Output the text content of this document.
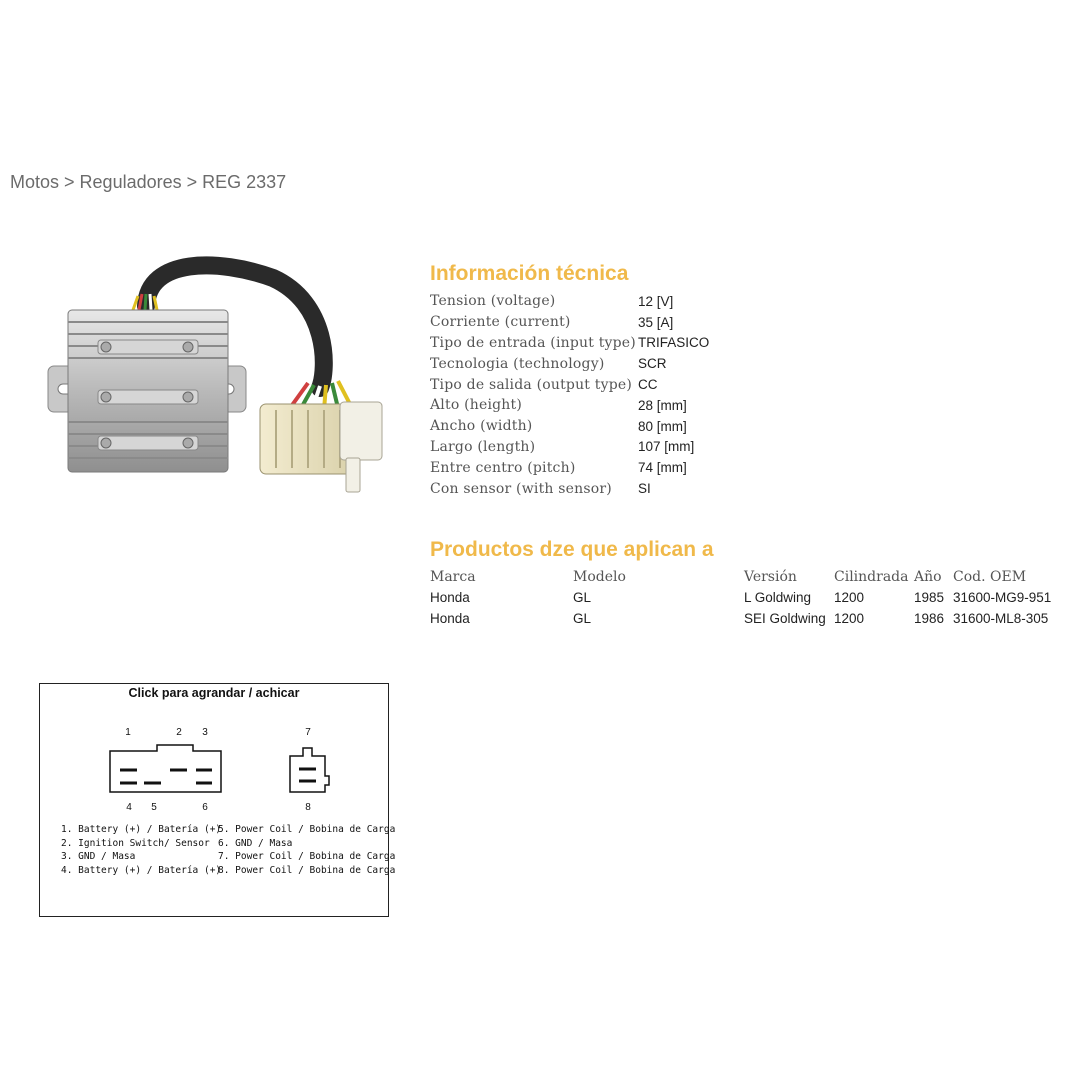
Motos > Reguladores > REG 2337
Información técnica
Tension (voltage)	12 [V]
Corriente (current)	35 [A]
Tipo de entrada (input type)	TRIFASICO
Tecnologia (technology)	SCR
Tipo de salida (output type)	CC
Alto (height)	28 [mm]
Ancho (width)	80 [mm]
Largo (length)	107 [mm]
Entre centro (pitch)	74 [mm]
Con sensor (with sensor)	SI
Productos dze que aplican a
Marca	Modelo	Versión	Cilindrada	Año	Cod. OEM
Honda	GL	L Goldwing	1200	1985	31600-MG9-951
Honda	GL	SEI Goldwing	1200	1986	31600-ML8-305
Click para agrandar / achicar
1	2 3
4 5	6
7
8
1. Battery (+) / Batería (+)
2. Ignition Switch/ Sensor
3. GND / Masa
4. Battery (+) / Batería (+)
5. Power Coil / Bobina de Carga
6. GND / Masa
7. Power Coil / Bobina de Carga
8. Power Coil / Bobina de Carga
